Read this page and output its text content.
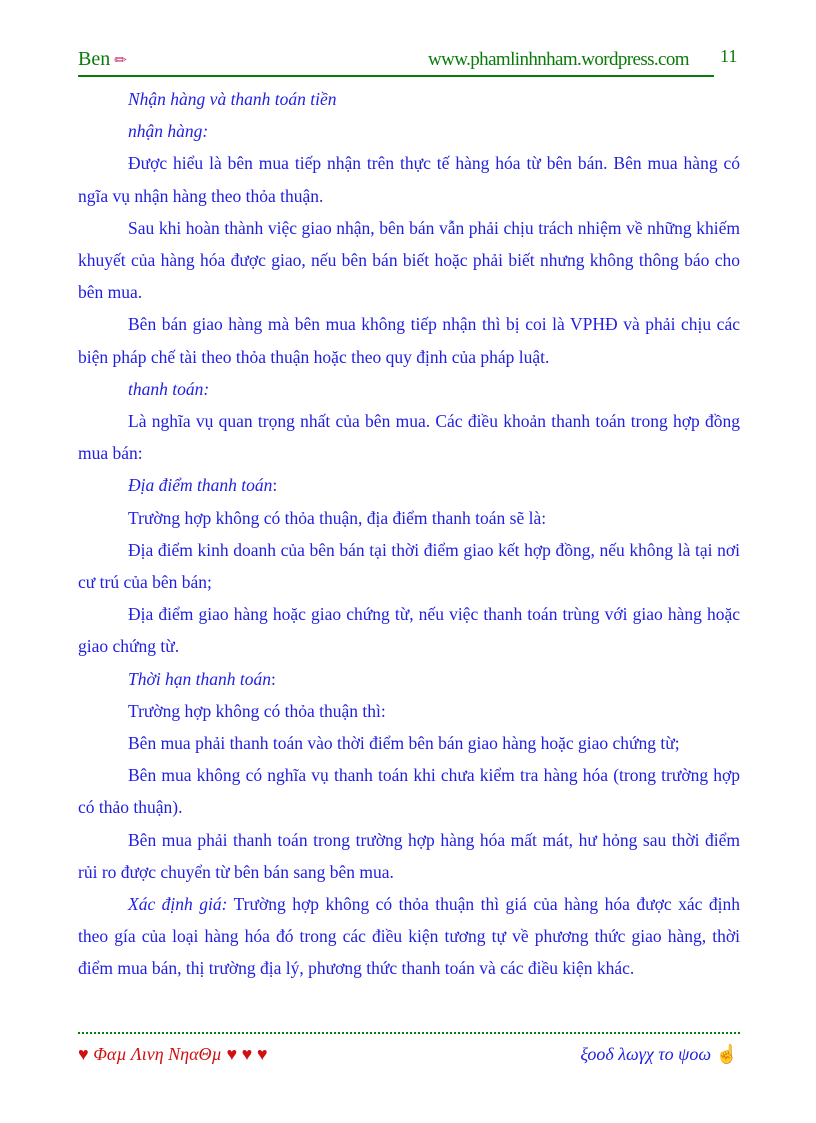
Ben ✏	www.phamlinhnham.wordpress.com 11

Nhận hàng và thanh toán tiền

nhận hàng:

Được hiểu là bên mua tiếp nhận trên thực tế hàng hóa từ bên bán. Bên mua hàng có ngĩa vụ nhận hàng theo thỏa thuận.

Sau khi hoàn thành việc giao nhận, bên bán vẫn phải chịu trách nhiệm về những khiếm khuyết của hàng hóa được giao, nếu bên bán biết hoặc phải biết nhưng không thông báo cho bên mua.

Bên bán giao hàng mà bên mua không tiếp nhận thì bị coi là VPHĐ và phải chịu các biện pháp chế tài theo thỏa thuận hoặc theo quy định của pháp luật.

thanh toán:

Là nghĩa vụ quan trọng nhất của bên mua. Các điều khoản thanh toán trong hợp đồng mua bán:

Địa điểm thanh toán:

Trường hợp không có thỏa thuận, địa điểm thanh toán sẽ là:

Địa điểm kinh doanh của bên bán tại thời điểm giao kết hợp đồng, nếu không là tại nơi cư trú của bên bán;

Địa điểm giao hàng hoặc giao chứng từ, nếu việc thanh toán trùng với giao hàng hoặc giao chứng từ.

Thời hạn thanh toán:

Trường hợp không có thỏa thuận thì:

Bên mua phải thanh toán vào thời điểm bên bán giao hàng hoặc giao chứng từ;

Bên mua không có nghĩa vụ thanh toán khi chưa kiểm tra hàng hóa (trong trường hợp có thảo thuận).

Bên mua phải thanh toán trong trường hợp hàng hóa mất mát, hư hỏng sau thời điểm rủi ro được chuyển từ bên bán sang bên mua.

Xác định giá: Trường hợp không có thỏa thuận thì giá của hàng hóa được xác định theo gía của loại hàng hóa đó trong các điều kiện tương tự về phương thức giao hàng, thời điểm mua bán, thị trường địa lý, phương thức thanh toán và các điều kiện khác.

♥ Φαµ Λινη ΝηαΘµ ♥ ♥ ♥	ξοοδ λωγχ το ψοω ☝
